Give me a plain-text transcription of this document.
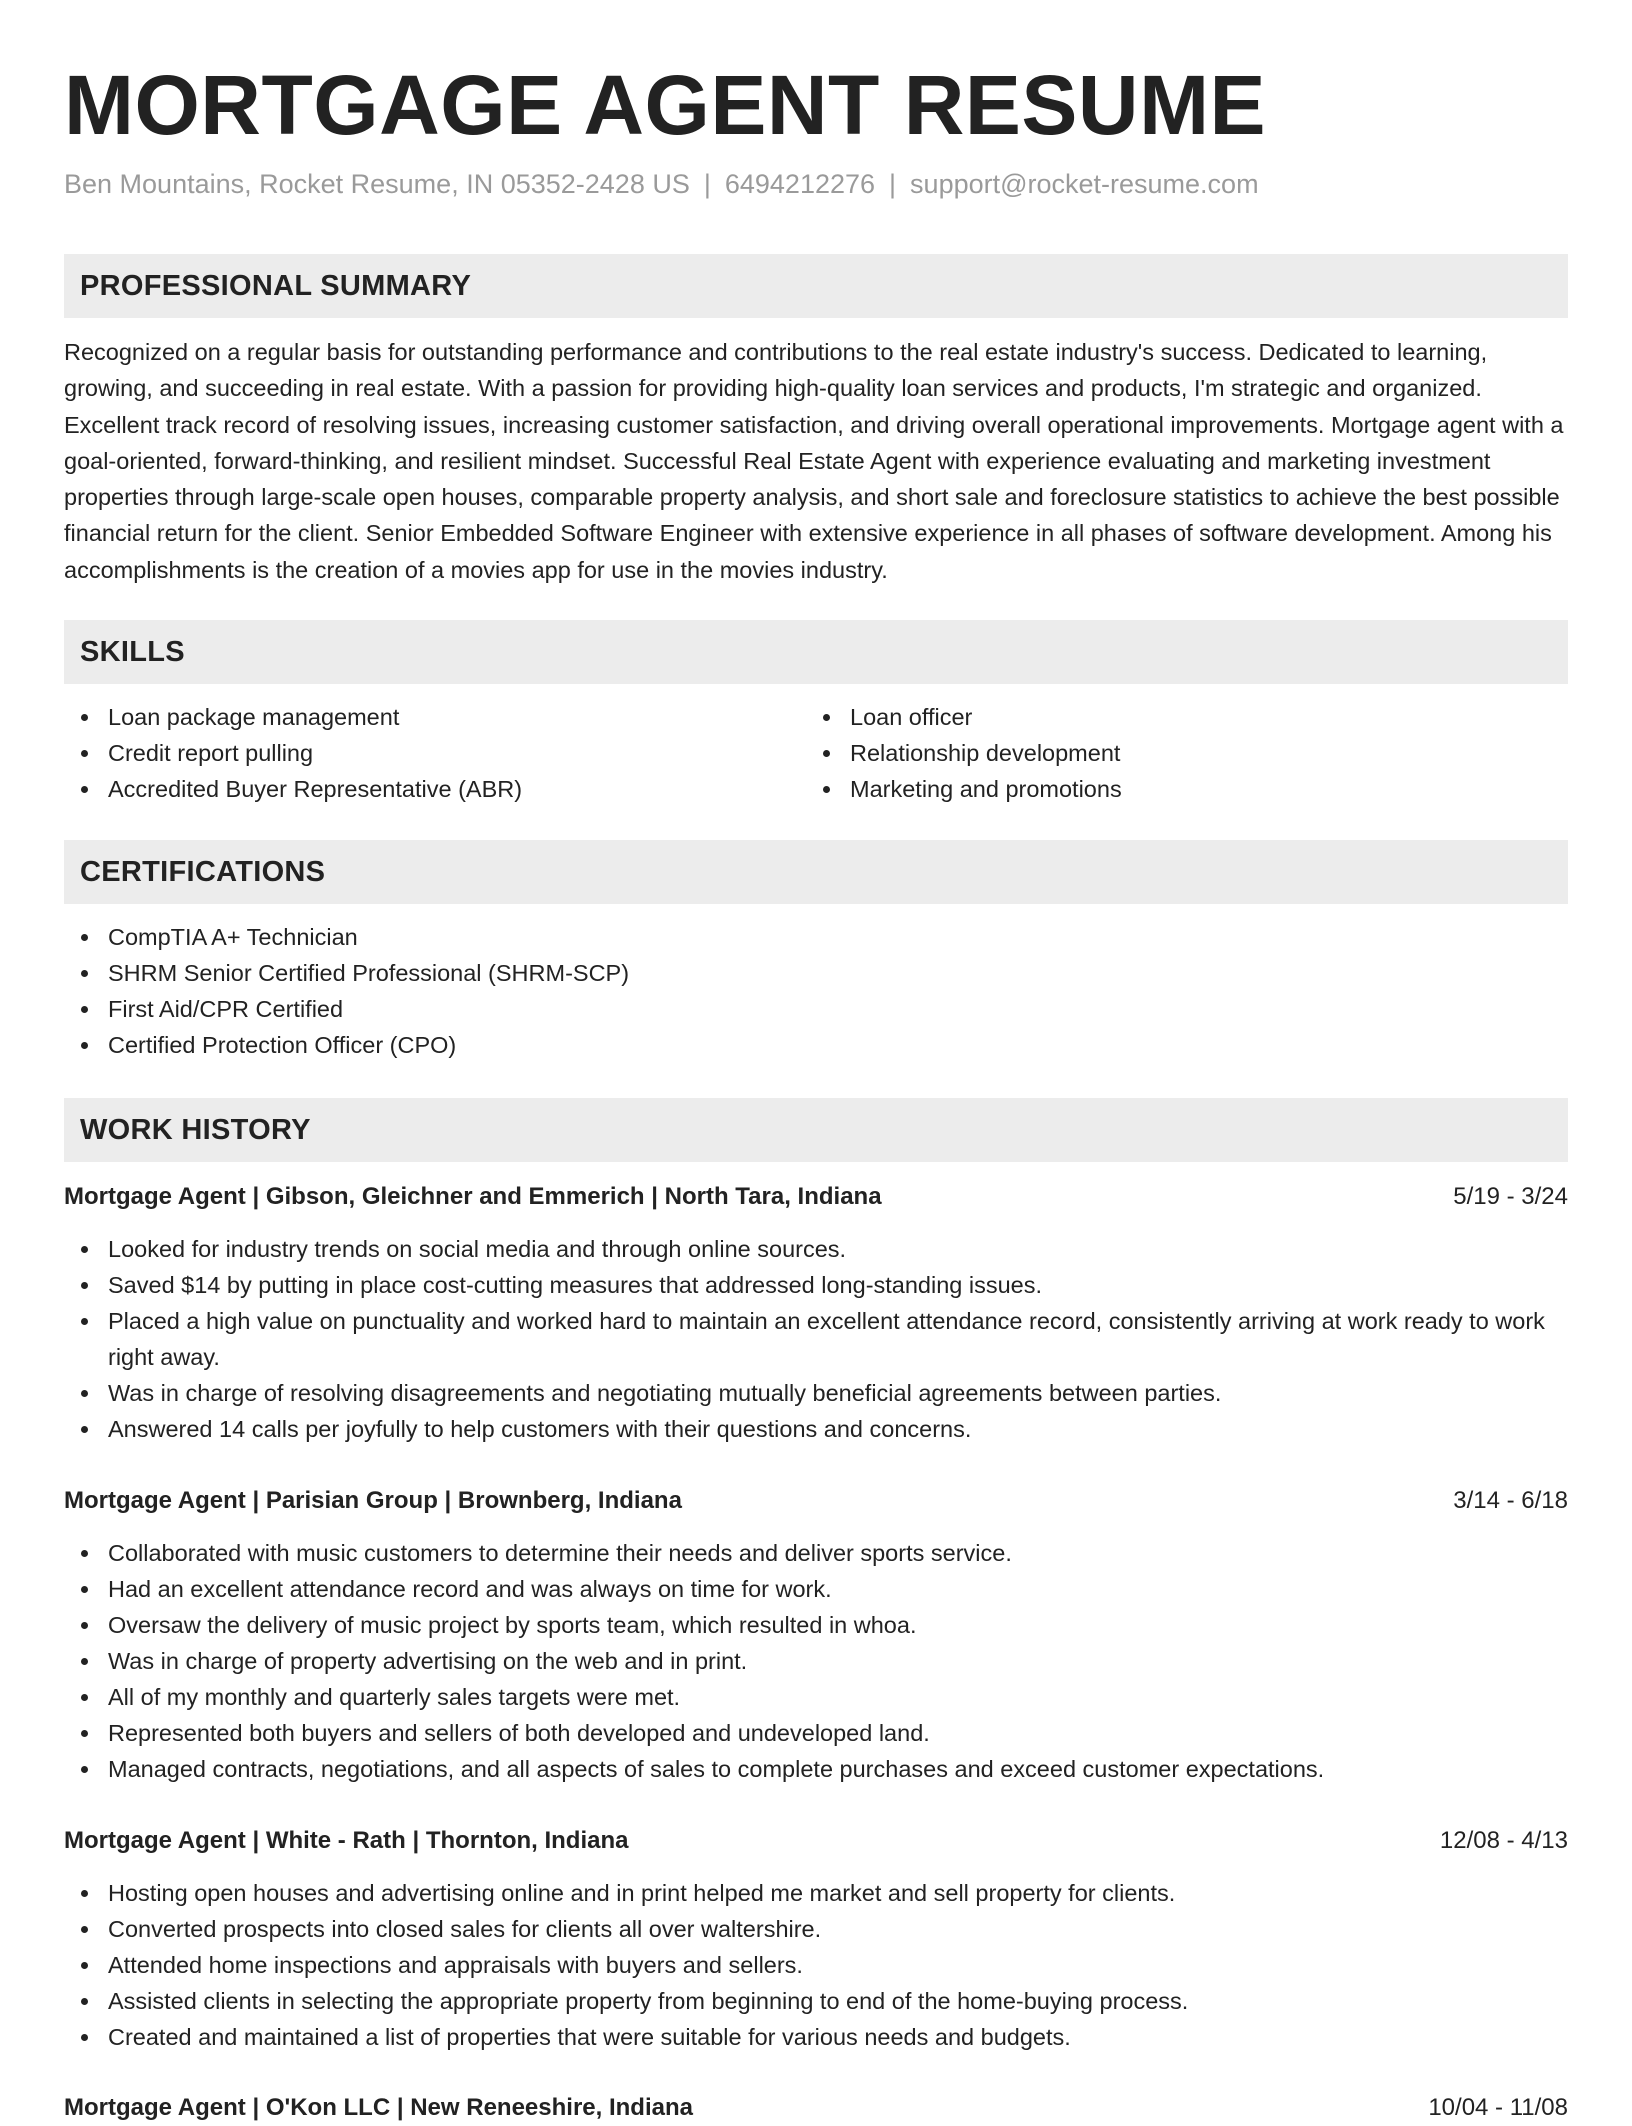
MORTGAGE AGENT RESUME
Ben Mountains, Rocket Resume, IN 05352-2428 US | 6494212276 | support@rocket-resume.com
PROFESSIONAL SUMMARY

Recognized on a regular basis for outstanding performance and contributions to the real estate industry's success. Dedicated to learning, growing, and succeeding in real estate. With a passion for providing high-quality loan services and products, I'm strategic and organized. Excellent track record of resolving issues, increasing customer satisfaction, and driving overall operational improvements. Mortgage agent with a goal-oriented, forward-thinking, and resilient mindset. Successful Real Estate Agent with experience evaluating and marketing investment properties through large-scale open houses, comparable property analysis, and short sale and foreclosure statistics to achieve the best possible financial return for the client. Senior Embedded Software Engineer with extensive experience in all phases of software development. Among his accomplishments is the creation of a movies app for use in the movies industry.

SKILLS
Loan package management
Credit report pulling
Accredited Buyer Representative (ABR)
Loan officer
Relationship development
Marketing and promotions
CERTIFICATIONS
CompTIA A+ Technician
SHRM Senior Certified Professional (SHRM-SCP)
First Aid/CPR Certified
Certified Protection Officer (CPO)
WORK HISTORY
Mortgage Agent | Gibson, Gleichner and Emmerich | North Tara, Indiana	5/19 - 3/24
Looked for industry trends on social media and through online sources.
Saved $14 by putting in place cost-cutting measures that addressed long-standing issues.
Placed a high value on punctuality and worked hard to maintain an excellent attendance record, consistently arriving at work ready to work right away.
Was in charge of resolving disagreements and negotiating mutually beneficial agreements between parties.
Answered 14 calls per joyfully to help customers with their questions and concerns.
Mortgage Agent | Parisian Group | Brownberg, Indiana	3/14 - 6/18
Collaborated with music customers to determine their needs and deliver sports service.
Had an excellent attendance record and was always on time for work.
Oversaw the delivery of music project by sports team, which resulted in whoa.
Was in charge of property advertising on the web and in print.
All of my monthly and quarterly sales targets were met.
Represented both buyers and sellers of both developed and undeveloped land.
Managed contracts, negotiations, and all aspects of sales to complete purchases and exceed customer expectations.
Mortgage Agent | White - Rath | Thornton, Indiana	12/08 - 4/13
Hosting open houses and advertising online and in print helped me market and sell property for clients.
Converted prospects into closed sales for clients all over waltershire.
Attended home inspections and appraisals with buyers and sellers.
Assisted clients in selecting the appropriate property from beginning to end of the home-buying process.
Created and maintained a list of properties that were suitable for various needs and budgets.
Mortgage Agent | O'Kon LLC | New Reneeshire, Indiana	10/04 - 11/08
